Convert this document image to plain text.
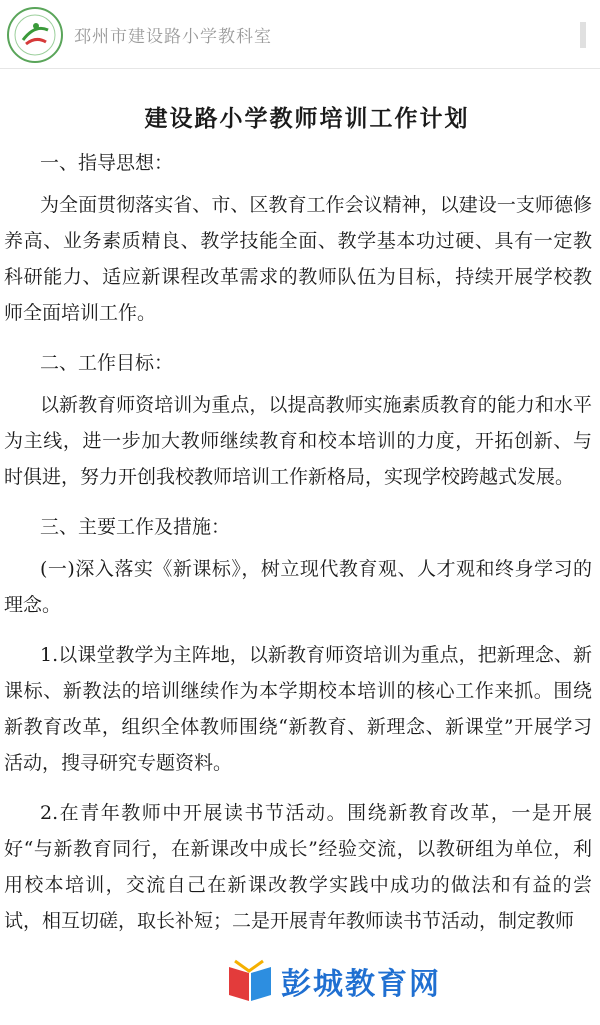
邳州市建设路小学教科室
建设路小学教师培训工作计划
一、指导思想：

为全面贯彻落实省、市、区教育工作会议精神，以建设一支师德修养高、业务素质精良、教学技能全面、教学基本功过硬、具有一定教科研能力、适应新课程改革需求的教师队伍为目标，持续开展学校教师全面培训工作。

二、工作目标：

以新教育师资培训为重点，以提高教师实施素质教育的能力和水平为主线，进一步加大教师继续教育和校本培训的力度，开拓创新、与时俱进，努力开创我校教师培训工作新格局，实现学校跨越式发展。

三、主要工作及措施：

(一)深入落实《新课标》，树立现代教育观、人才观和终身学习的理念。

1.以课堂教学为主阵地，以新教育师资培训为重点，把新理念、新课标、新教法的培训继续作为本学期校本培训的核心工作来抓。围绕新教育改革，组织全体教师围绕“新教育、新理念、新课堂”开展学习活动，搜寻研究专题资料。

2.在青年教师中开展读书节活动。围绕新教育改革，一是开展好“与新教育同行，在新课改中成长”经验交流，以教研组为单位，利用校本培训，交流自己在新课改教学实践中成功的做法和有益的尝试，相互切磋，取长补短；二是开展青年教师读书节活动，制定教师

彭城教育网
